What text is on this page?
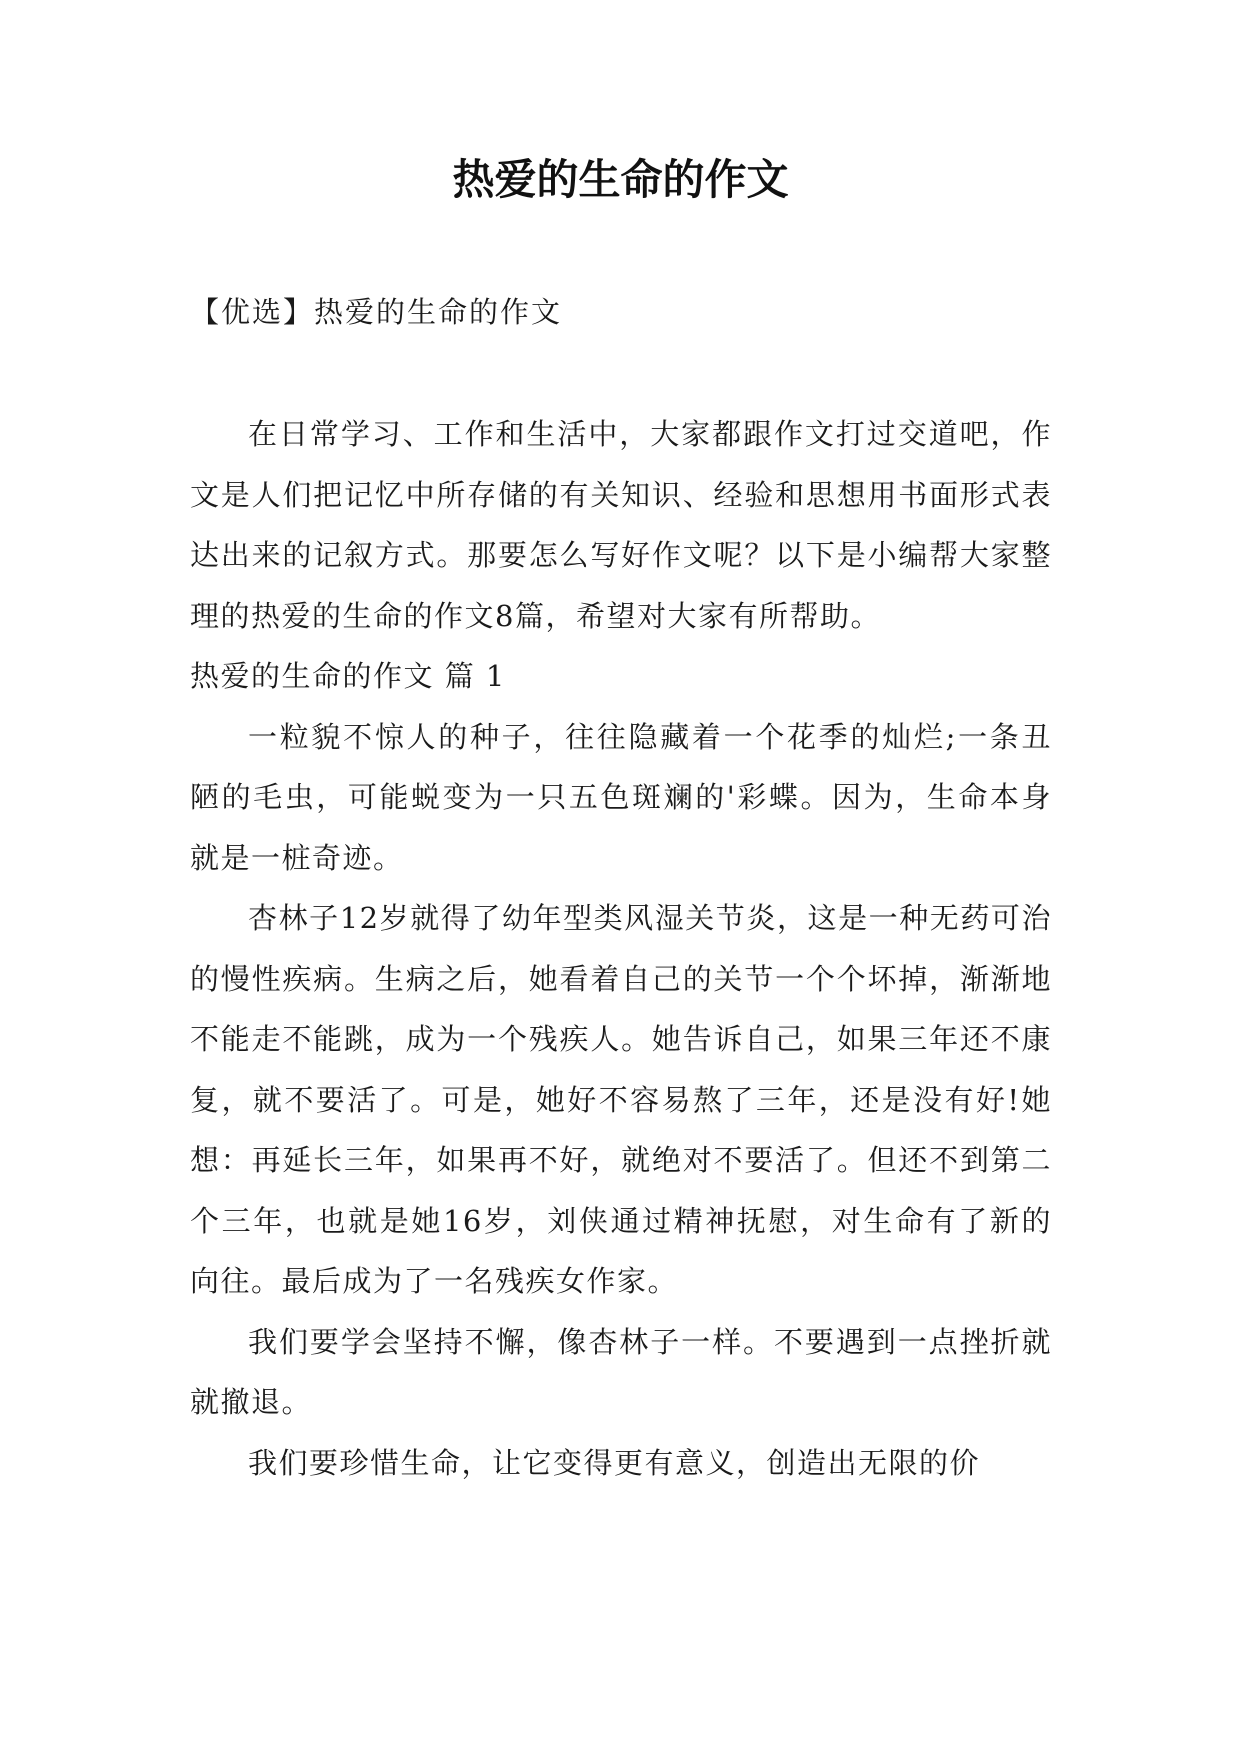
热爱的生命的作文
【优选】热爱的生命的作文

在日常学习、工作和生活中，大家都跟作文打过交道吧，作文是人们把记忆中所存储的有关知识、经验和思想用书面形式表达出来的记叙方式。那要怎么写好作文呢？以下是小编帮大家整理的热爱的生命的作文8篇，希望对大家有所帮助。

热爱的生命的作文 篇 1

一粒貌不惊人的种子，往往隐藏着一个花季的灿烂;一条丑陋的毛虫，可能蜕变为一只五色斑斓的'彩蝶。因为，生命本身就是一桩奇迹。

杏林子12岁就得了幼年型类风湿关节炎，这是一种无药可治的慢性疾病。生病之后，她看着自己的关节一个个坏掉，渐渐地不能走不能跳，成为一个残疾人。她告诉自己，如果三年还不康复，就不要活了。可是，她好不容易熬了三年，还是没有好!她想：再延长三年，如果再不好，就绝对不要活了。但还不到第二个三年，也就是她16岁，刘侠通过精神抚慰，对生命有了新的向往。最后成为了一名残疾女作家。

我们要学会坚持不懈，像杏林子一样。不要遇到一点挫折就就撤退。

我们要珍惜生命，让它变得更有意义，创造出无限的价
